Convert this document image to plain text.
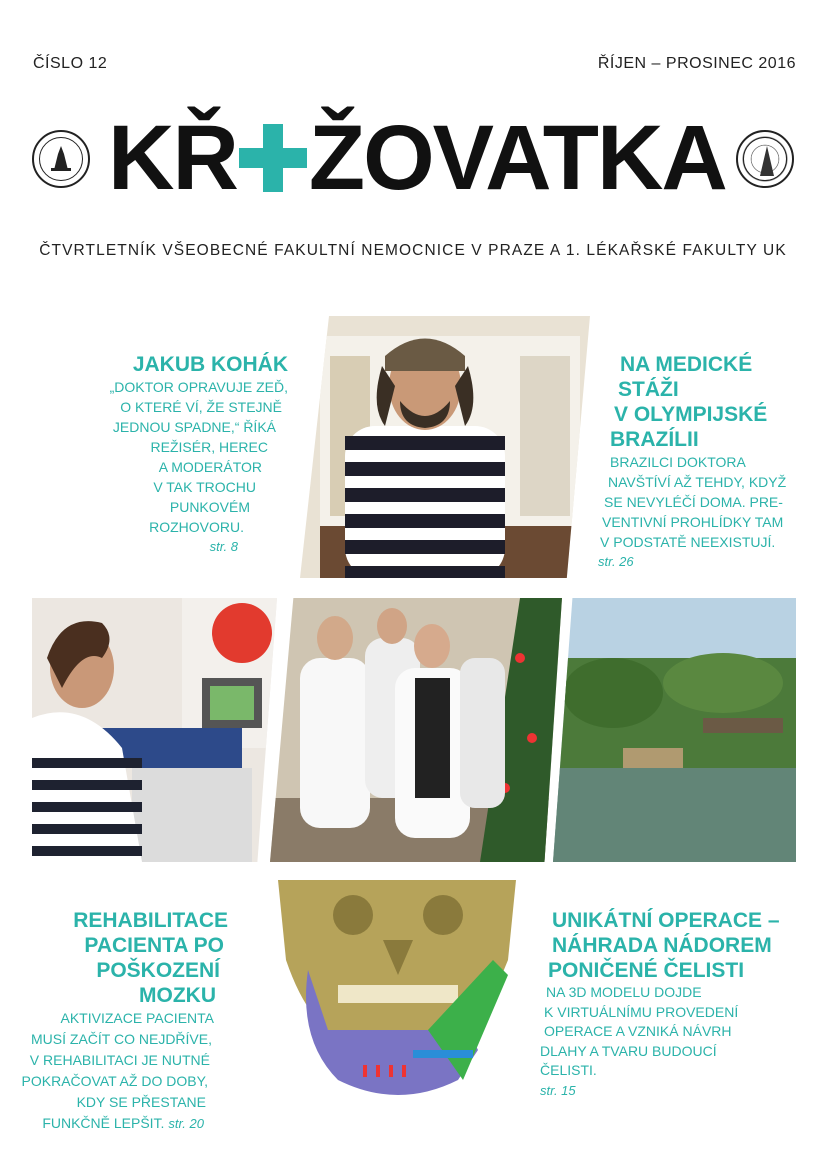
ČÍSLO 12	ŘÍJEN – PROSINEC 2016
KŘ ŽOVATKA
ČTVRTLETNÍK VŠEOBECNÉ FAKULTNÍ NEMOCNICE V PRAZE A 1. LÉKAŘSKÉ FAKULTY UK
JAKUB KOHÁK
„DOKTOR OPRAVUJE ZEĎ,
O KTERÉ VÍ, ŽE STEJNĚ
JEDNOU SPADNE,“ ŘÍKÁ
REŽISÉR, HEREC
A MODERÁTOR
V TAK TROCHU
PUNKOVÉM
ROZHOVORU.
str. 8
NA MEDICKÉ
STÁŽI
V OLYMPIJSKÉ
BRAZÍLII
BRAZILCI DOKTORA
NAVŠTÍVÍ AŽ TEHDY, KDYŽ
SE NEVYLÉČÍ DOMA. PRE-
VENTIVNÍ PROHLÍDKY TAM
V PODSTATĚ NEEXISTUJÍ.
str. 26
REHABILITACE
PACIENTA PO
POŠKOZENÍ
MOZKU
AKTIVIZACE PACIENTA
MUSÍ ZAČÍT CO NEJDŘÍVE,
V REHABILITACI JE NUTNÉ
POKRAČOVAT AŽ DO DOBY,
KDY SE PŘESTANE
FUNKČNĚ LEPŠIT. str. 20
UNIKÁTNÍ OPERACE –
NÁHRADA NÁDOREM
PONIČENÉ ČELISTI
NA 3D MODELU DOJDE
K VIRTUÁLNÍMU PROVEDENÍ
OPERACE A VZNIKÁ NÁVRH
DLAHY A TVARU BUDOUCÍ
ČELISTI.
str. 15
